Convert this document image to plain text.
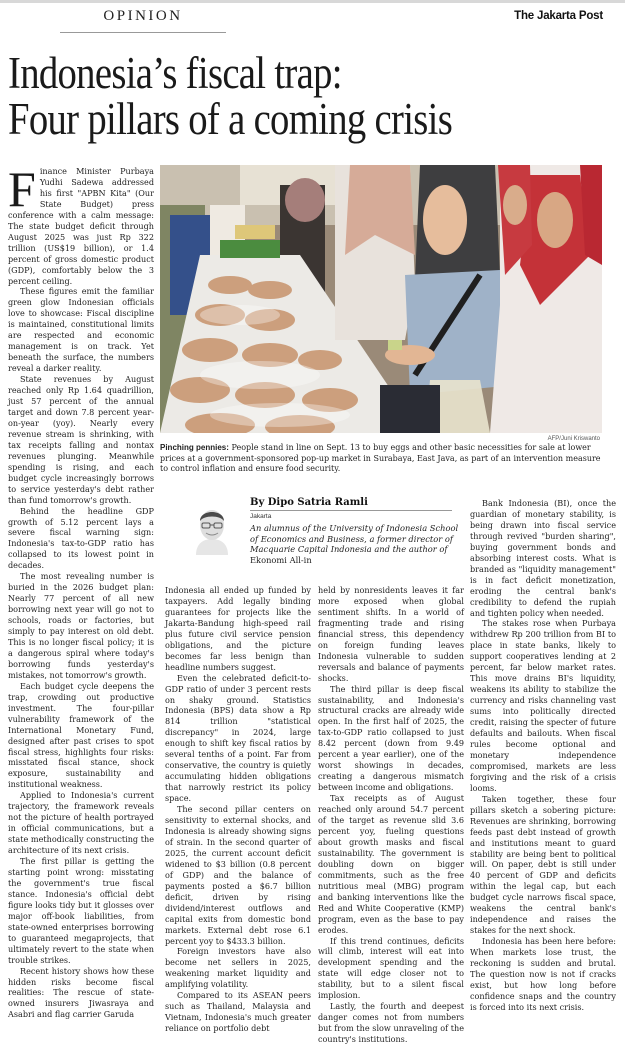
OPINION	The Jakarta Post
Indonesia’s fiscal trap:
Four pillars of a coming crisis

Finance Minister Purbaya Yudhi Sadewa addressed his first "APBN Kita" (Our State Budget) press conference with a calm message: The state budget deficit through August 2025 was just Rp 322 trillion (US$19 billion), or 1.4 percent of gross domestic product (GDP), comfortably below the 3 percent ceiling.

These figures emit the familiar green glow Indonesian officials love to showcase: Fiscal discipline is maintained, constitutional limits are respected and economic management is on track. Yet beneath the surface, the numbers reveal a darker reality.

State revenues by August reached only Rp 1.64 quadrillion, just 57 percent of the annual target and down 7.8 percent year-on-year (yoy). Nearly every revenue stream is shrinking, with tax receipts falling and nontax revenues plunging. Meanwhile spending is rising, and each budget cycle increasingly borrows to service yesterday's debt rather than fund tomorrow's growth.

Behind the headline GDP growth of 5.12 percent lays a severe fiscal warning sign: Indonesia's tax-to-GDP ratio has collapsed to its lowest point in decades.

The most revealing number is buried in the 2026 budget plan: Nearly 77 percent of all new borrowing next year will go not to schools, roads or factories, but simply to pay interest on old debt. This is no longer fiscal policy; it is a dangerous spiral where today's borrowing funds yesterday's mistakes, not tomorrow's growth.

Each budget cycle deepens the trap, crowding out productive investment. The four-pillar vulnerability framework of the International Monetary Fund, designed after past crises to spot fiscal stress, highlights four risks: misstated fiscal stance, shock exposure, sustainability and institutional weakness.

Applied to Indonesia's current trajectory, the framework reveals not the picture of health portrayed in official communications, but a state methodically constructing the architecture of its next crisis.

The first pillar is getting the starting point wrong: misstating the government's true fiscal stance. Indonesia's official debt figure looks tidy but it glosses over major off-book liabilities, from state-owned enterprises borrowing to guaranteed megaprojects, that ultimately revert to the state when trouble strikes.

Recent history shows how these hidden risks become fiscal realities: The rescue of state-owned insurers Jiwasraya and Asabri and flag carrier Garuda

AFP/Juni Kriswanto
Pinching pennies: People stand in line on Sept. 13 to buy eggs and other basic necessities for sale at lower prices at a government-sponsored pop-up market in Surabaya, East Java, as part of an intervention measure to control inflation and ensure food security.
By Dipo Satria Ramli
Jakarta
An alumnus of the University of Indonesia School of Economics and Business, a former director of Macquarie Capital Indonesia and the author of Ekonomi All-in

Indonesia all ended up funded by taxpayers. Add legally binding guarantees for projects like the Jakarta-Bandung high-speed rail plus future civil service pension obligations, and the picture becomes far less benign than headline numbers suggest.

Even the celebrated deficit-to-GDP ratio of under 3 percent rests on shaky ground. Statistics Indonesia (BPS) data show a Rp 814 trillion "statistical discrepancy" in 2024, large enough to shift key fiscal ratios by several tenths of a point. Far from conservative, the country is quietly accumulating hidden obligations that narrowly restrict its policy space.

The second pillar centers on sensitivity to external shocks, and Indonesia is already showing signs of strain. In the second quarter of 2025, the current account deficit widened to $3 billion (0.8 percent of GDP) and the balance of payments posted a $6.7 billion deficit, driven by rising dividend/interest outflows and capital exits from domestic bond markets. External debt rose 6.1 percent yoy to $433.3 billion.

Foreign investors have also become net sellers in 2025, weakening market liquidity and amplifying volatility.

Compared to its ASEAN peers such as Thailand, Malaysia and Vietnam, Indonesia's much greater reliance on portfolio debt

held by nonresidents leaves it far more exposed when global sentiment shifts. In a world of fragmenting trade and rising financial stress, this dependency on foreign funding leaves Indonesia vulnerable to sudden reversals and balance of payments shocks.

The third pillar is deep fiscal sustainability, and Indonesia's structural cracks are already wide open. In the first half of 2025, the tax-to-GDP ratio collapsed to just 8.42 percent (down from 9.49 percent a year earlier), one of the worst showings in decades, creating a dangerous mismatch between income and obligations.

Tax receipts as of August reached only around 54.7 percent of the target as revenue slid 3.6 percent yoy, fueling questions about growth masks and fiscal sustainability. The government is doubling down on bigger commitments, such as the free nutritious meal (MBG) program and banking interventions like the Red and White Cooperative (KMP) program, even as the base to pay erodes.

If this trend continues, deficits will climb, interest will eat into development spending and the state will edge closer not to stability, but to a silent fiscal implosion.

Lastly, the fourth and deepest danger comes not from numbers but from the slow unraveling of the country's institutions.

Bank Indonesia (BI), once the guardian of monetary stability, is being drawn into fiscal service through revived "burden sharing", buying government bonds and absorbing interest costs. What is branded as "liquidity management" is in fact deficit monetization, eroding the central bank's credibility to defend the rupiah and tighten policy when needed.

The stakes rose when Purbaya withdrew Rp 200 trillion from BI to place in state banks, likely to support cooperatives lending at 2 percent, far below market rates. This move drains BI's liquidity, weakens its ability to stabilize the currency and risks channeling vast sums into politically directed credit, raising the specter of future defaults and bailouts. When fiscal rules become optional and monetary independence compromised, markets are less forgiving and the risk of a crisis looms.

Taken together, these four pillars sketch a sobering picture: Revenues are shrinking, borrowing feeds past debt instead of growth and institutions meant to guard stability are being bent to political will. On paper, debt is still under 40 percent of GDP and deficits within the legal cap, but each budget cycle narrows fiscal space, weakens the central bank's independence and raises the stakes for the next shock.

Indonesia has been here before: When markets lose trust, the reckoning is sudden and brutal. The question now is not if cracks exist, but how long before confidence snaps and the country is forced into its next crisis.
